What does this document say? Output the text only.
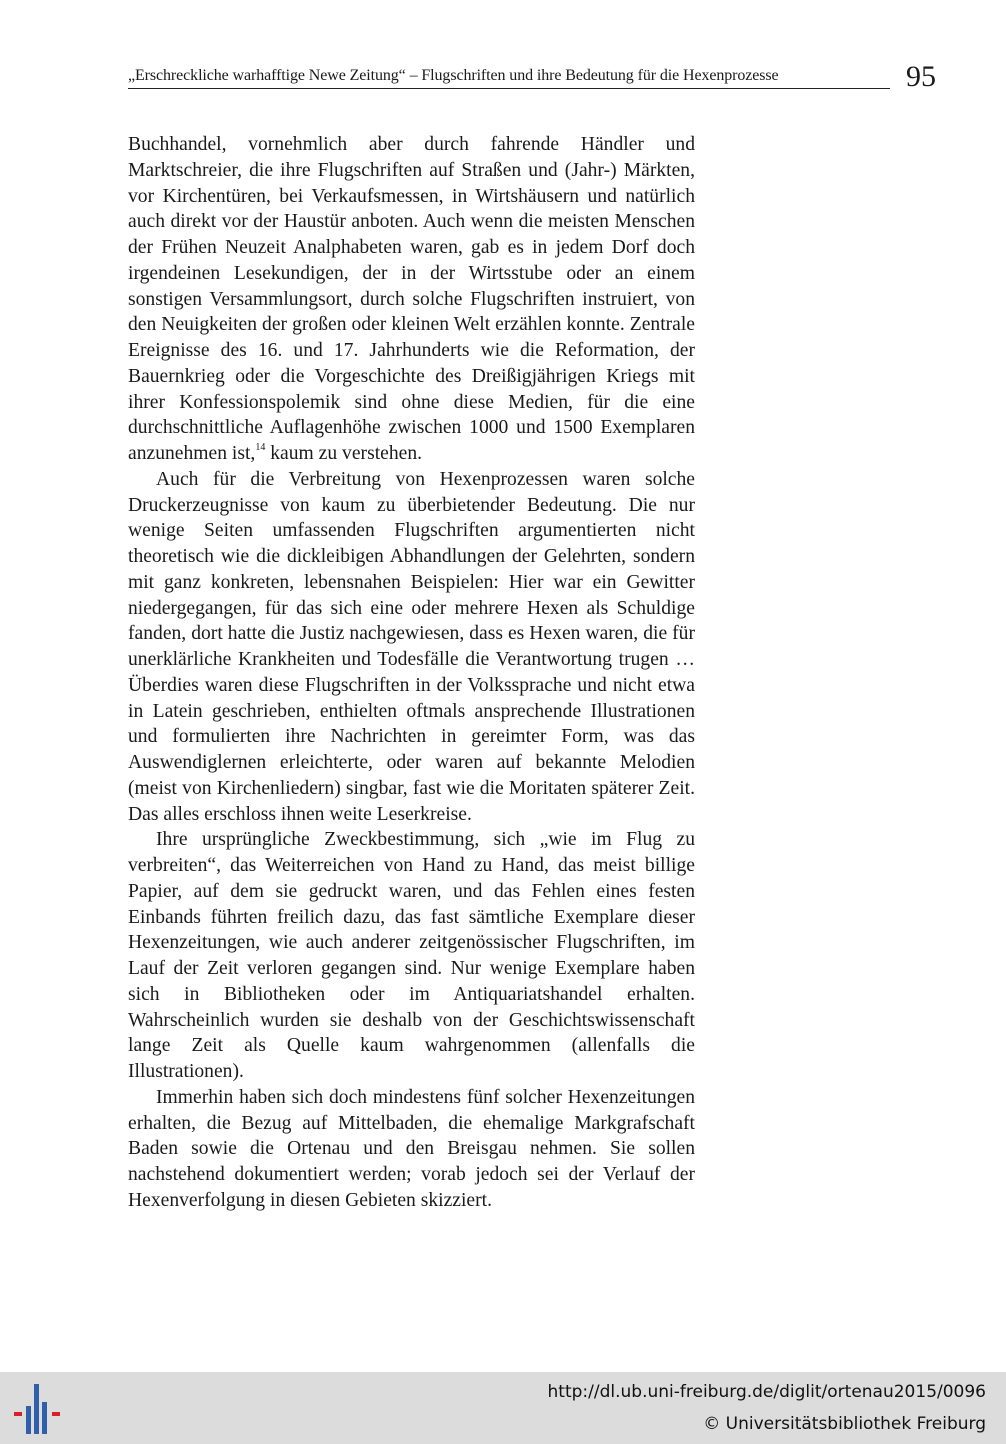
„Erschreckliche warhafftige Newe Zeitung“ – Flugschriften und ihre Bedeutung für die Hexenprozesse	95

Buchhandel, vornehmlich aber durch fahrende Händler und Marktschreier, die ihre Flugschriften auf Straßen und (Jahr-) Märkten, vor Kirchentüren, bei Verkaufsmessen, in Wirtshäusern und natürlich auch direkt vor der Haustür anboten. Auch wenn die meisten Menschen der Frühen Neuzeit Analphabeten waren, gab es in jedem Dorf doch irgendeinen Lesekundigen, der in der Wirtsstube oder an einem sonstigen Versammlungsort, durch solche Flugschriften instruiert, von den Neuigkeiten der großen oder kleinen Welt erzählen konnte. Zentrale Ereignisse des 16. und 17. Jahrhunderts wie die Reformation, der Bauernkrieg oder die Vorgeschichte des Dreißigjährigen Kriegs mit ihrer Konfessionspolemik sind ohne diese Medien, für die eine durchschnittliche Auflagenhöhe zwischen 1000 und 1500 Exemplaren anzunehmen ist,$^{14}$ kaum zu verstehen.

Auch für die Verbreitung von Hexenprozessen waren solche Druckerzeugnisse von kaum zu überbietender Bedeutung. Die nur wenige Seiten umfassenden Flugschriften argumentierten nicht theoretisch wie die dickleibigen Abhandlungen der Gelehrten, sondern mit ganz konkreten, lebensnahen Beispielen: Hier war ein Gewitter niedergegangen, für das sich eine oder mehrere Hexen als Schuldige fanden, dort hatte die Justiz nachgewiesen, dass es Hexen waren, die für unerklärliche Krankheiten und Todesfälle die Verantwortung trugen … Überdies waren diese Flugschriften in der Volkssprache und nicht etwa in Latein geschrieben, enthielten oftmals ansprechende Illustrationen und formulierten ihre Nachrichten in gereimter Form, was das Auswendiglernen erleichterte, oder waren auf bekannte Melodien (meist von Kirchenliedern) singbar, fast wie die Moritaten späterer Zeit. Das alles erschloss ihnen weite Leserkreise.

Ihre ursprüngliche Zweckbestimmung, sich „wie im Flug zu verbreiten“, das Weiterreichen von Hand zu Hand, das meist billige Papier, auf dem sie gedruckt waren, und das Fehlen eines festen Einbands führten freilich dazu, das fast sämtliche Exemplare dieser Hexenzeitungen, wie auch anderer zeitgenössischer Flugschriften, im Lauf der Zeit verloren gegangen sind. Nur wenige Exemplare haben sich in Bibliotheken oder im Antiquariatshandel erhalten. Wahrscheinlich wurden sie deshalb von der Geschichtswissenschaft lange Zeit als Quelle kaum wahrgenommen (allenfalls die Illustrationen).

Immerhin haben sich doch mindestens fünf solcher Hexenzeitungen erhalten, die Bezug auf Mittelbaden, die ehemalige Markgrafschaft Baden sowie die Ortenau und den Breisgau nehmen. Sie sollen nachstehend dokumentiert werden; vorab jedoch sei der Verlauf der Hexenverfolgung in diesen Gebieten skizziert.

http://dl.ub.uni-freiburg.de/diglit/ortenau2015/0096
© Universitätsbibliothek Freiburg
